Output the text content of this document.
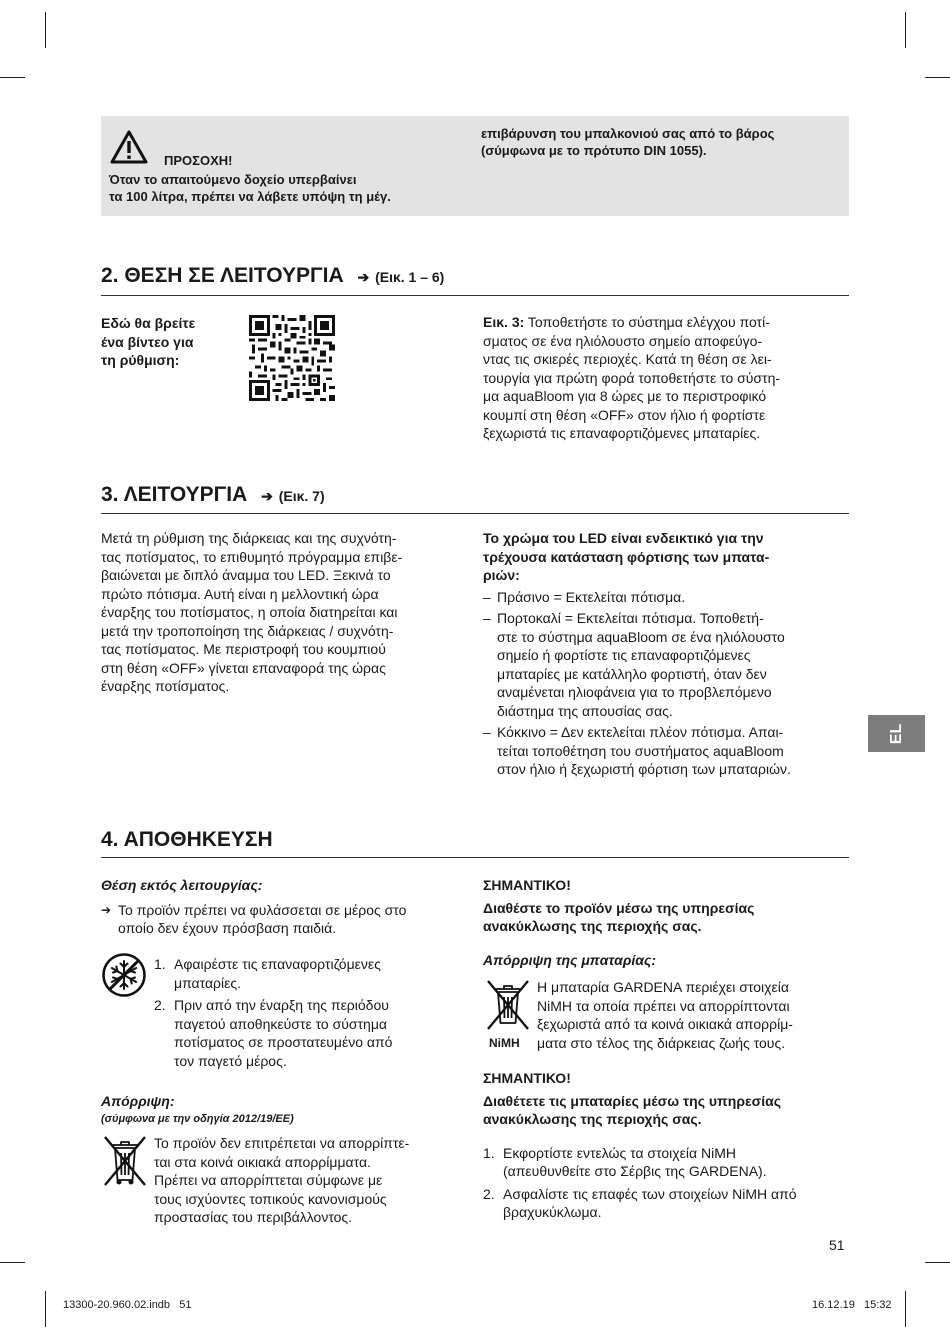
ΠΡΟΣΟΧΗ!
Όταν το απαιτούμενο δοχείο υπερβαίνει
τα 100 λίτρα, πρέπει να λάβετε υπόψη τη μέγ.
επιβάρυνση του μπαλκονιού σας από το βάρος
(σύμφωνα με το πρότυπο DIN 1055).
2. ΘΕΣΗ ΣΕ ΛΕΙΤΟΥΡΓΙΑ ➔ (Εικ. 1 – 6)
Εδώ θα βρείτε
ένα βίντεο για
τη ρύθμιση:
Εικ. 3: Τοποθετήστε το σύστημα ελέγχου ποτί-
σματος σε ένα ηλιόλουστο σημείο αποφεύγο-
ντας τις σκιερές περιοχές. Κατά τη θέση σε λει-
τουργία για πρώτη φορά τοποθετήστε το σύστη-
μα aquaBloom για 8 ώρες με το περιστροφικό
κουμπί στη θέση «OFF» στον ήλιο ή φορτίστε
ξεχωριστά τις επαναφορτιζόμενες μπαταρίες.
3. ΛΕΙΤΟΥΡΓΙΑ ➔ (Εικ. 7)
Μετά τη ρύθμιση της διάρκειας και της συχνότη-
τας ποτίσματος, το επιθυμητό πρόγραμμα επιβε-
βαιώνεται με διπλό άναμμα του LED. Ξεκινά το
πρώτο πότισμα. Αυτή είναι η μελλοντική ώρα
έναρξης του ποτίσματος, η οποία διατηρείται και
μετά την τροποποίηση της διάρκειας / συχνότη-
τας ποτίσματος. Με περιστροφή του κουμπιού
στη θέση «OFF» γίνεται επαναφορά της ώρας
έναρξης ποτίσματος.
Το χρώμα του LED είναι ενδεικτικό για την
τρέχουσα κατάσταση φόρτισης των μπατα-
ριών:
– Πράσινο = Εκτελείται πότισμα.
– Πορτοκαλί = Εκτελείται πότισμα. Τοποθετή-
στε το σύστημα aquaBloom σε ένα ηλιόλουστο
σημείο ή φορτίστε τις επαναφορτιζόμενες
μπαταρίες με κατάλληλο φορτιστή, όταν δεν
αναμένεται ηλιοφάνεια για το προβλεπόμενο
διάστημα της απουσίας σας.
– Κόκκινο = Δεν εκτελείται πλέον πότισμα. Απαι-
τείται τοποθέτηση του συστήματος aquaBloom
στον ήλιο ή ξεχωριστή φόρτιση των μπαταριών.
EL
4. ΑΠΟΘΗΚΕΥΣΗ
Θέση εκτός λειτουργίας:
➔ Το προϊόν πρέπει να φυλάσσεται σε μέρος στο
οποίο δεν έχουν πρόσβαση παιδιά.
1. Αφαιρέστε τις επαναφορτιζόμενες
μπαταρίες.
2. Πριν από την έναρξη της περιόδου
παγετού αποθηκεύστε το σύστημα
ποτίσματος σε προστατευμένο από
τον παγετό μέρος.
Απόρριψη:
(σύμφωνα με την οδηγία 2012/19/ΕΕ)
Το προϊόν δεν επιτρέπεται να απορρίπτε-
ται στα κοινά οικιακά απορρίμματα.
Πρέπει να απορρίπτεται σύμφωνε με
τους ισχύοντες τοπικούς κανονισμούς
προστασίας του περιβάλλοντος.
ΣΗΜΑΝΤΙΚΟ!
Διαθέστε το προϊόν μέσω της υπηρεσίας
ανακύκλωσης της περιοχής σας.
Απόρριψη της μπαταρίας:
NiMH
Η μπαταρία GARDENA περιέχει στοιχεία
NiMH τα οποία πρέπει να απορρίπτονται
ξεχωριστά από τα κοινά οικιακά απορρίμ-
ματα στο τέλος της διάρκειας ζωής τους.
ΣΗΜΑΝΤΙΚΟ!
Διαθέτετε τις μπαταρίες μέσω της υπηρεσίας
ανακύκλωσης της περιοχής σας.
1. Εκφορτίστε εντελώς τα στοιχεία NiMH
(απευθυνθείτε στο Σέρβις της GARDENA).
2. Ασφαλίστε τις επαφές των στοιχείων NiMH από
βραχυκύκλωμα.
51
13300-20.960.02.indb   51	16.12.19   15:32
